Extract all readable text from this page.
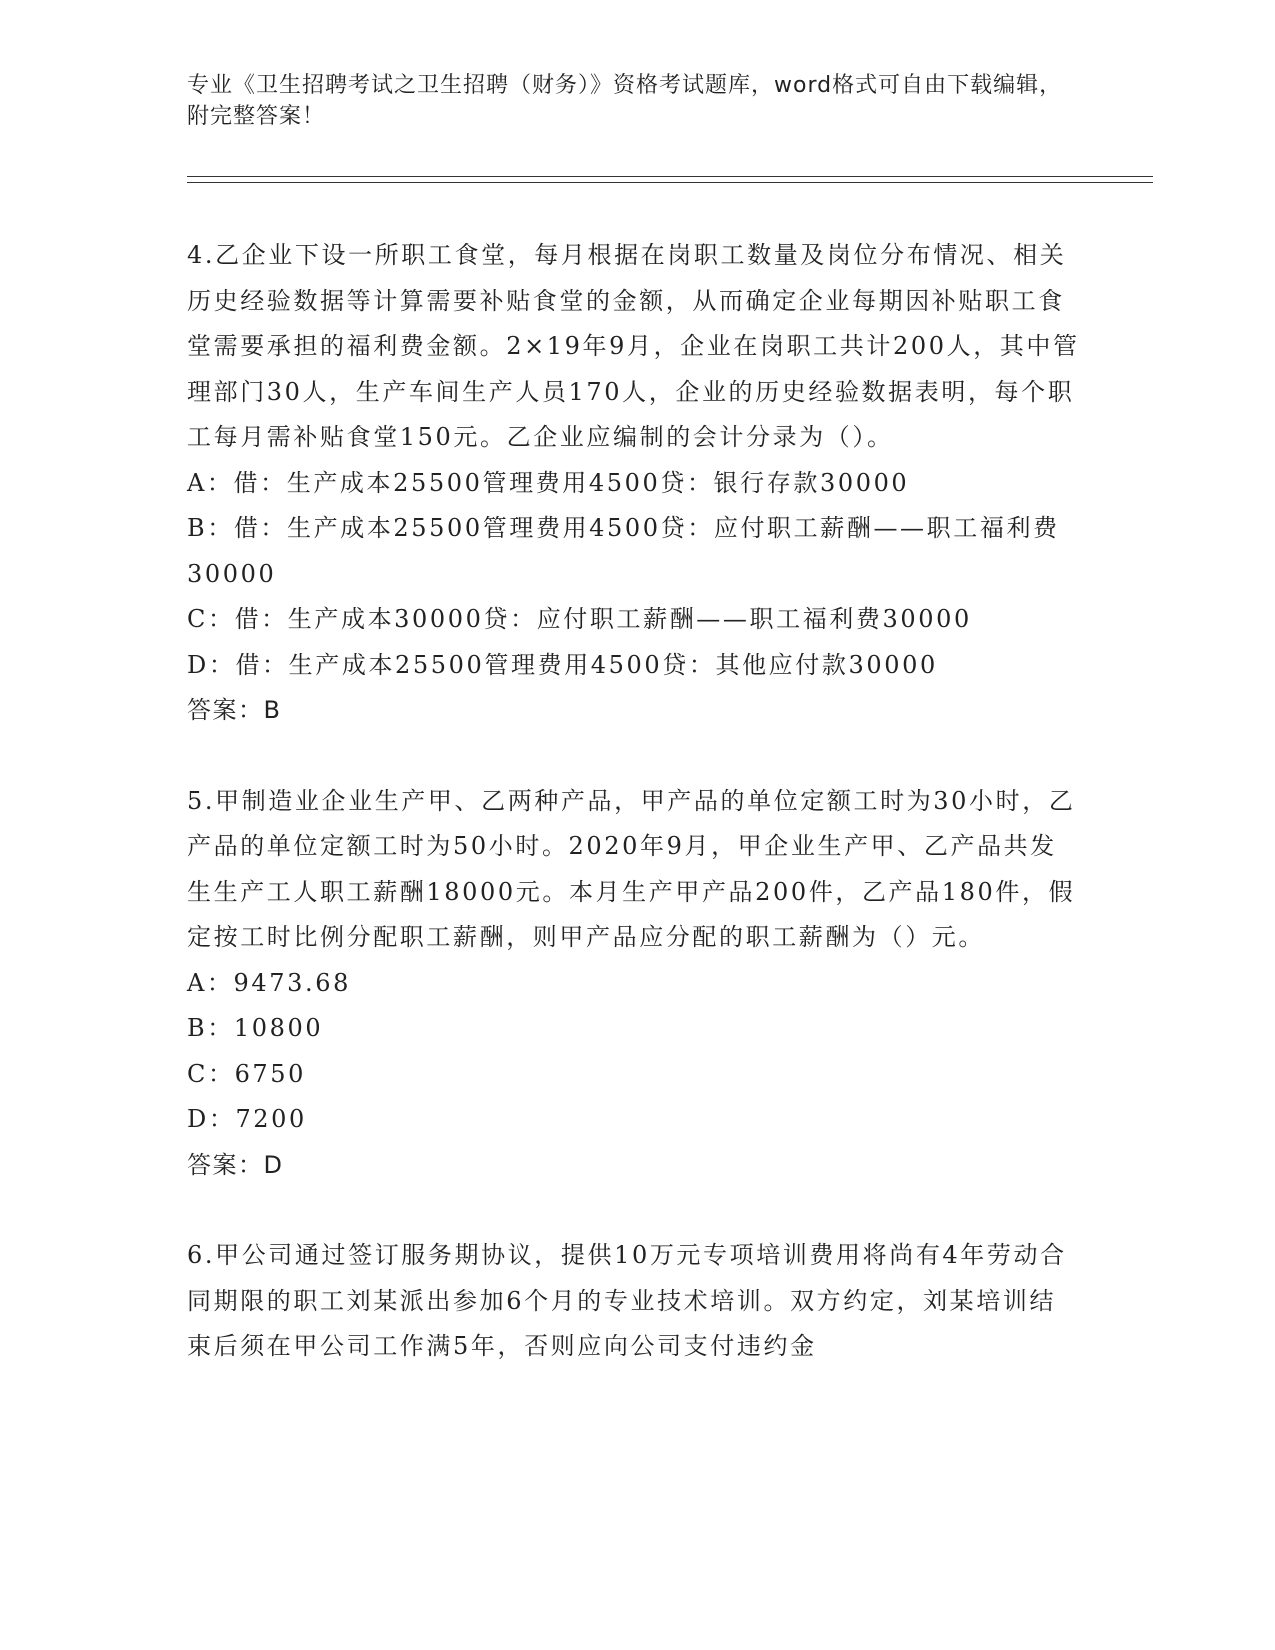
专业《卫生招聘考试之卫生招聘（财务）》资格考试题库，word格式可自由下载编辑，附完整答案！

4.乙企业下设一所职工食堂，每月根据在岗职工数量及岗位分布情况、相关历史经验数据等计算需要补贴食堂的金额，从而确定企业每期因补贴职工食堂需要承担的福利费金额。2×19年9月，企业在岗职工共计200人，其中管理部门30人，生产车间生产人员170人，企业的历史经验数据表明，每个职工每月需补贴食堂150元。乙企业应编制的会计分录为（）。

A：借：生产成本25500管理费用4500贷：银行存款30000

B：借：生产成本25500管理费用4500贷：应付职工薪酬——职工福利费30000

C：借：生产成本30000贷：应付职工薪酬——职工福利费30000

D：借：生产成本25500管理费用4500贷：其他应付款30000

答案：B

5.甲制造业企业生产甲、乙两种产品，甲产品的单位定额工时为30小时，乙产品的单位定额工时为50小时。2020年9月，甲企业生产甲、乙产品共发生生产工人职工薪酬18000元。本月生产甲产品200件，乙产品180件，假定按工时比例分配职工薪酬，则甲产品应分配的职工薪酬为（）元。

A：9473.68

B：10800

C：6750

D：7200

答案：D

6.甲公司通过签订服务期协议，提供10万元专项培训费用将尚有4年劳动合同期限的职工刘某派出参加6个月的专业技术培训。双方约定，刘某培训结束后须在甲公司工作满5年，否则应向公司支付违约金
